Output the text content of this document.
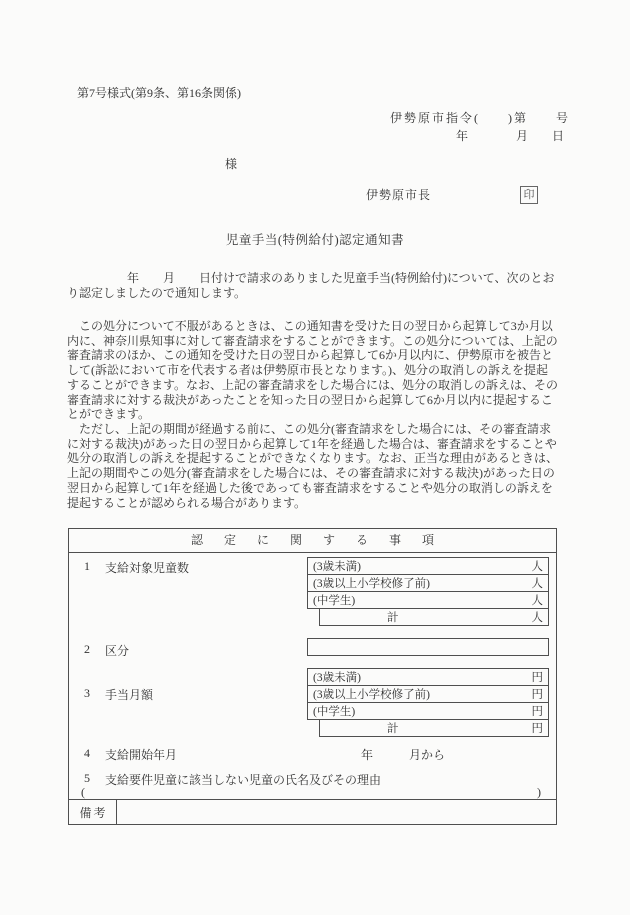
第7号様式(第9条、第16条関係)
伊勢原市指令(　　)第　　号
年　　　　月　　日
様
伊勢原市長	印
児童手当(特例給付)認定通知書
　　　　　年　　月　　日付けで請求のありました児童手当(特例給付)について、次のとお
り認定しましたので通知します。
　この処分について不服があるときは、この通知書を受けた日の翌日から起算して3か月以
内に、神奈川県知事に対して審査請求をすることができます。この処分については、上記の
審査請求のほか、この通知を受けた日の翌日から起算して6か月以内に、伊勢原市を被告と
して(訴訟において市を代表する者は伊勢原市長となります。)、処分の取消しの訴えを提起
することができます。なお、上記の審査請求をした場合には、処分の取消しの訴えは、その
審査請求に対する裁決があったことを知った日の翌日から起算して6か月以内に提起するこ
とができます。
　ただし、上記の期間が経過する前に、この処分(審査請求をした場合には、その審査請求
に対する裁決)があった日の翌日から起算して1年を経過した場合は、審査請求をすることや
処分の取消しの訴えを提起することができなくなります。なお、正当な理由があるときは、
上記の期間やこの処分(審査請求をした場合には、その審査請求に対する裁決)があった日の
翌日から起算して1年を経過した後であっても審査請求をすることや処分の取消しの訴えを
提起することが認められる場合があります。
認定に関する事項
1	支給対象児童数	(3歳未満)	人
(3歳以上小学校修了前)	人
(中学生)	人
計	人
2	区分
3	手当月額
(3歳未満)	円
(3歳以上小学校修了前)	円
(中学生)	円
計	円
4	支給開始年月	年　　　月から
5	支給要件児童に該当しない児童の氏名及びその理由
(	)
備考
